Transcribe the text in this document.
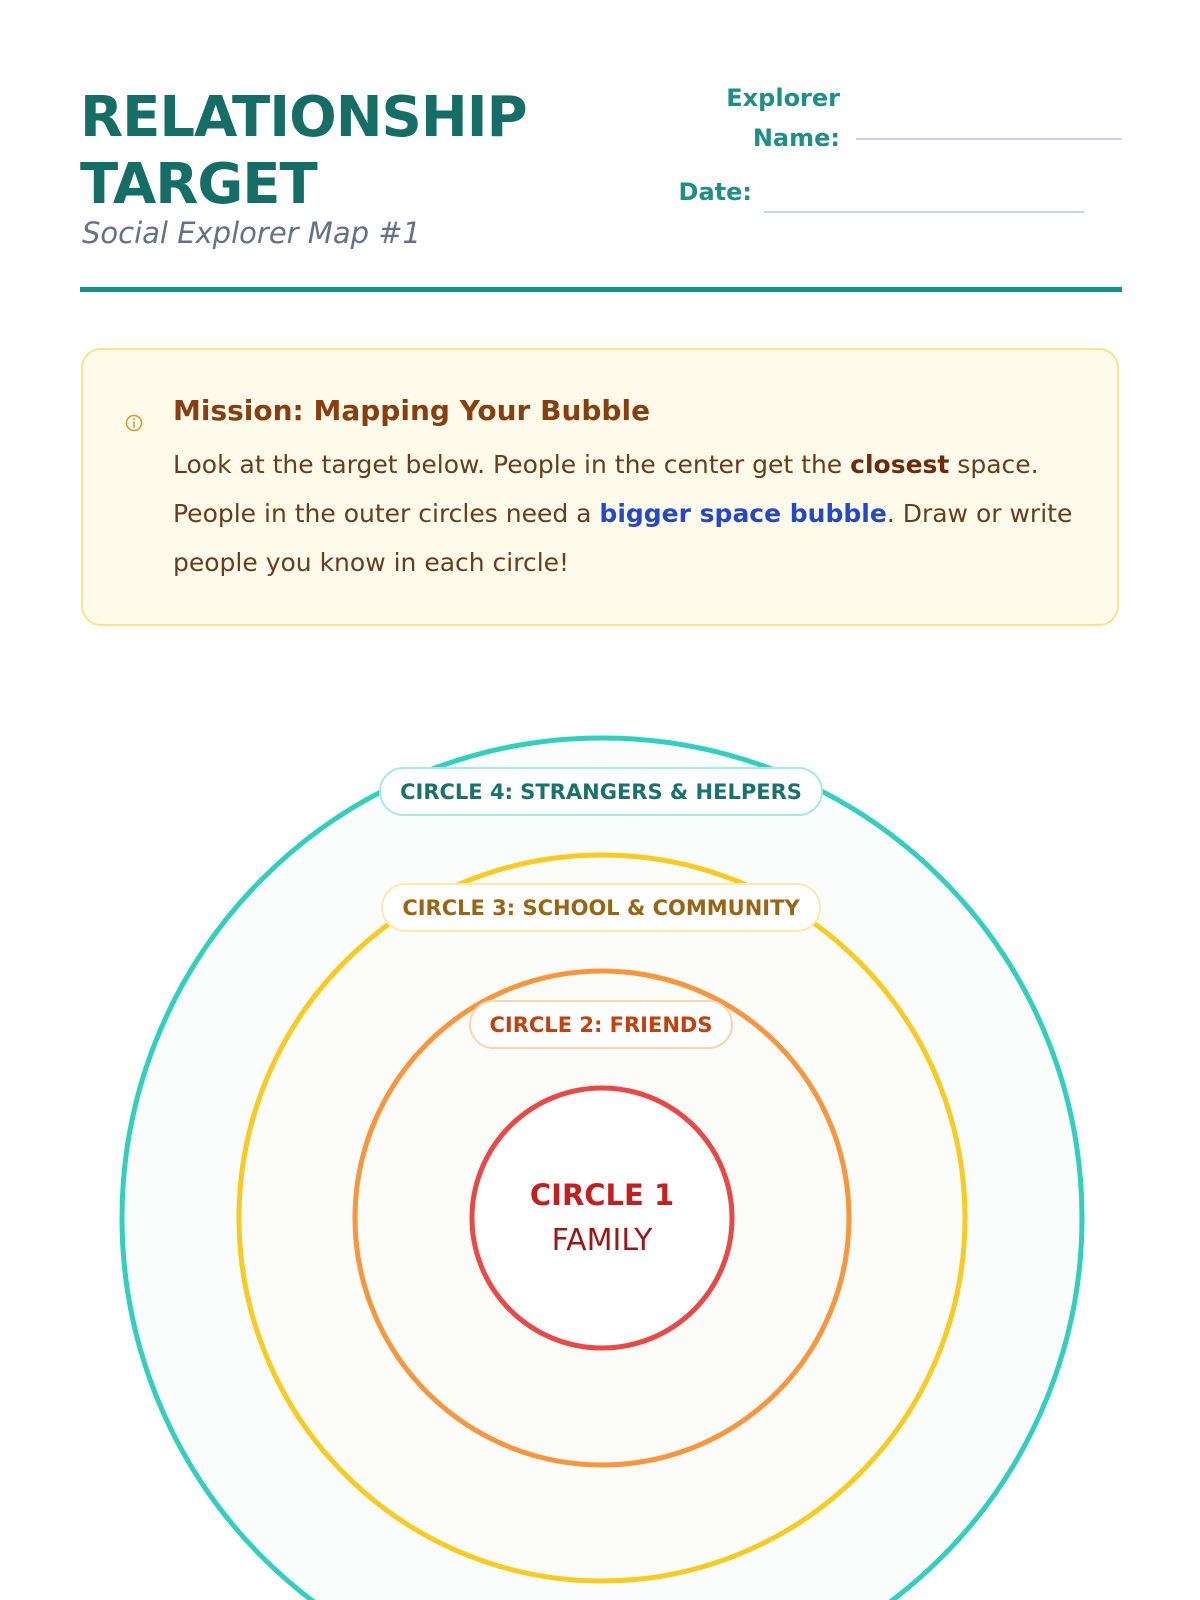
RELATIONSHIP
TARGET
Social Explorer Map #1
Explorer
Name:
Date:
Mission: Mapping Your Bubble
Look at the target below. People in the center get the closest space. People in the outer circles need a bigger space bubble. Draw or write people you know in each circle!
CIRCLE 4: STRANGERS & HELPERS
CIRCLE 3: SCHOOL & COMMUNITY
CIRCLE 2: FRIENDS
CIRCLE 1
FAMILY
